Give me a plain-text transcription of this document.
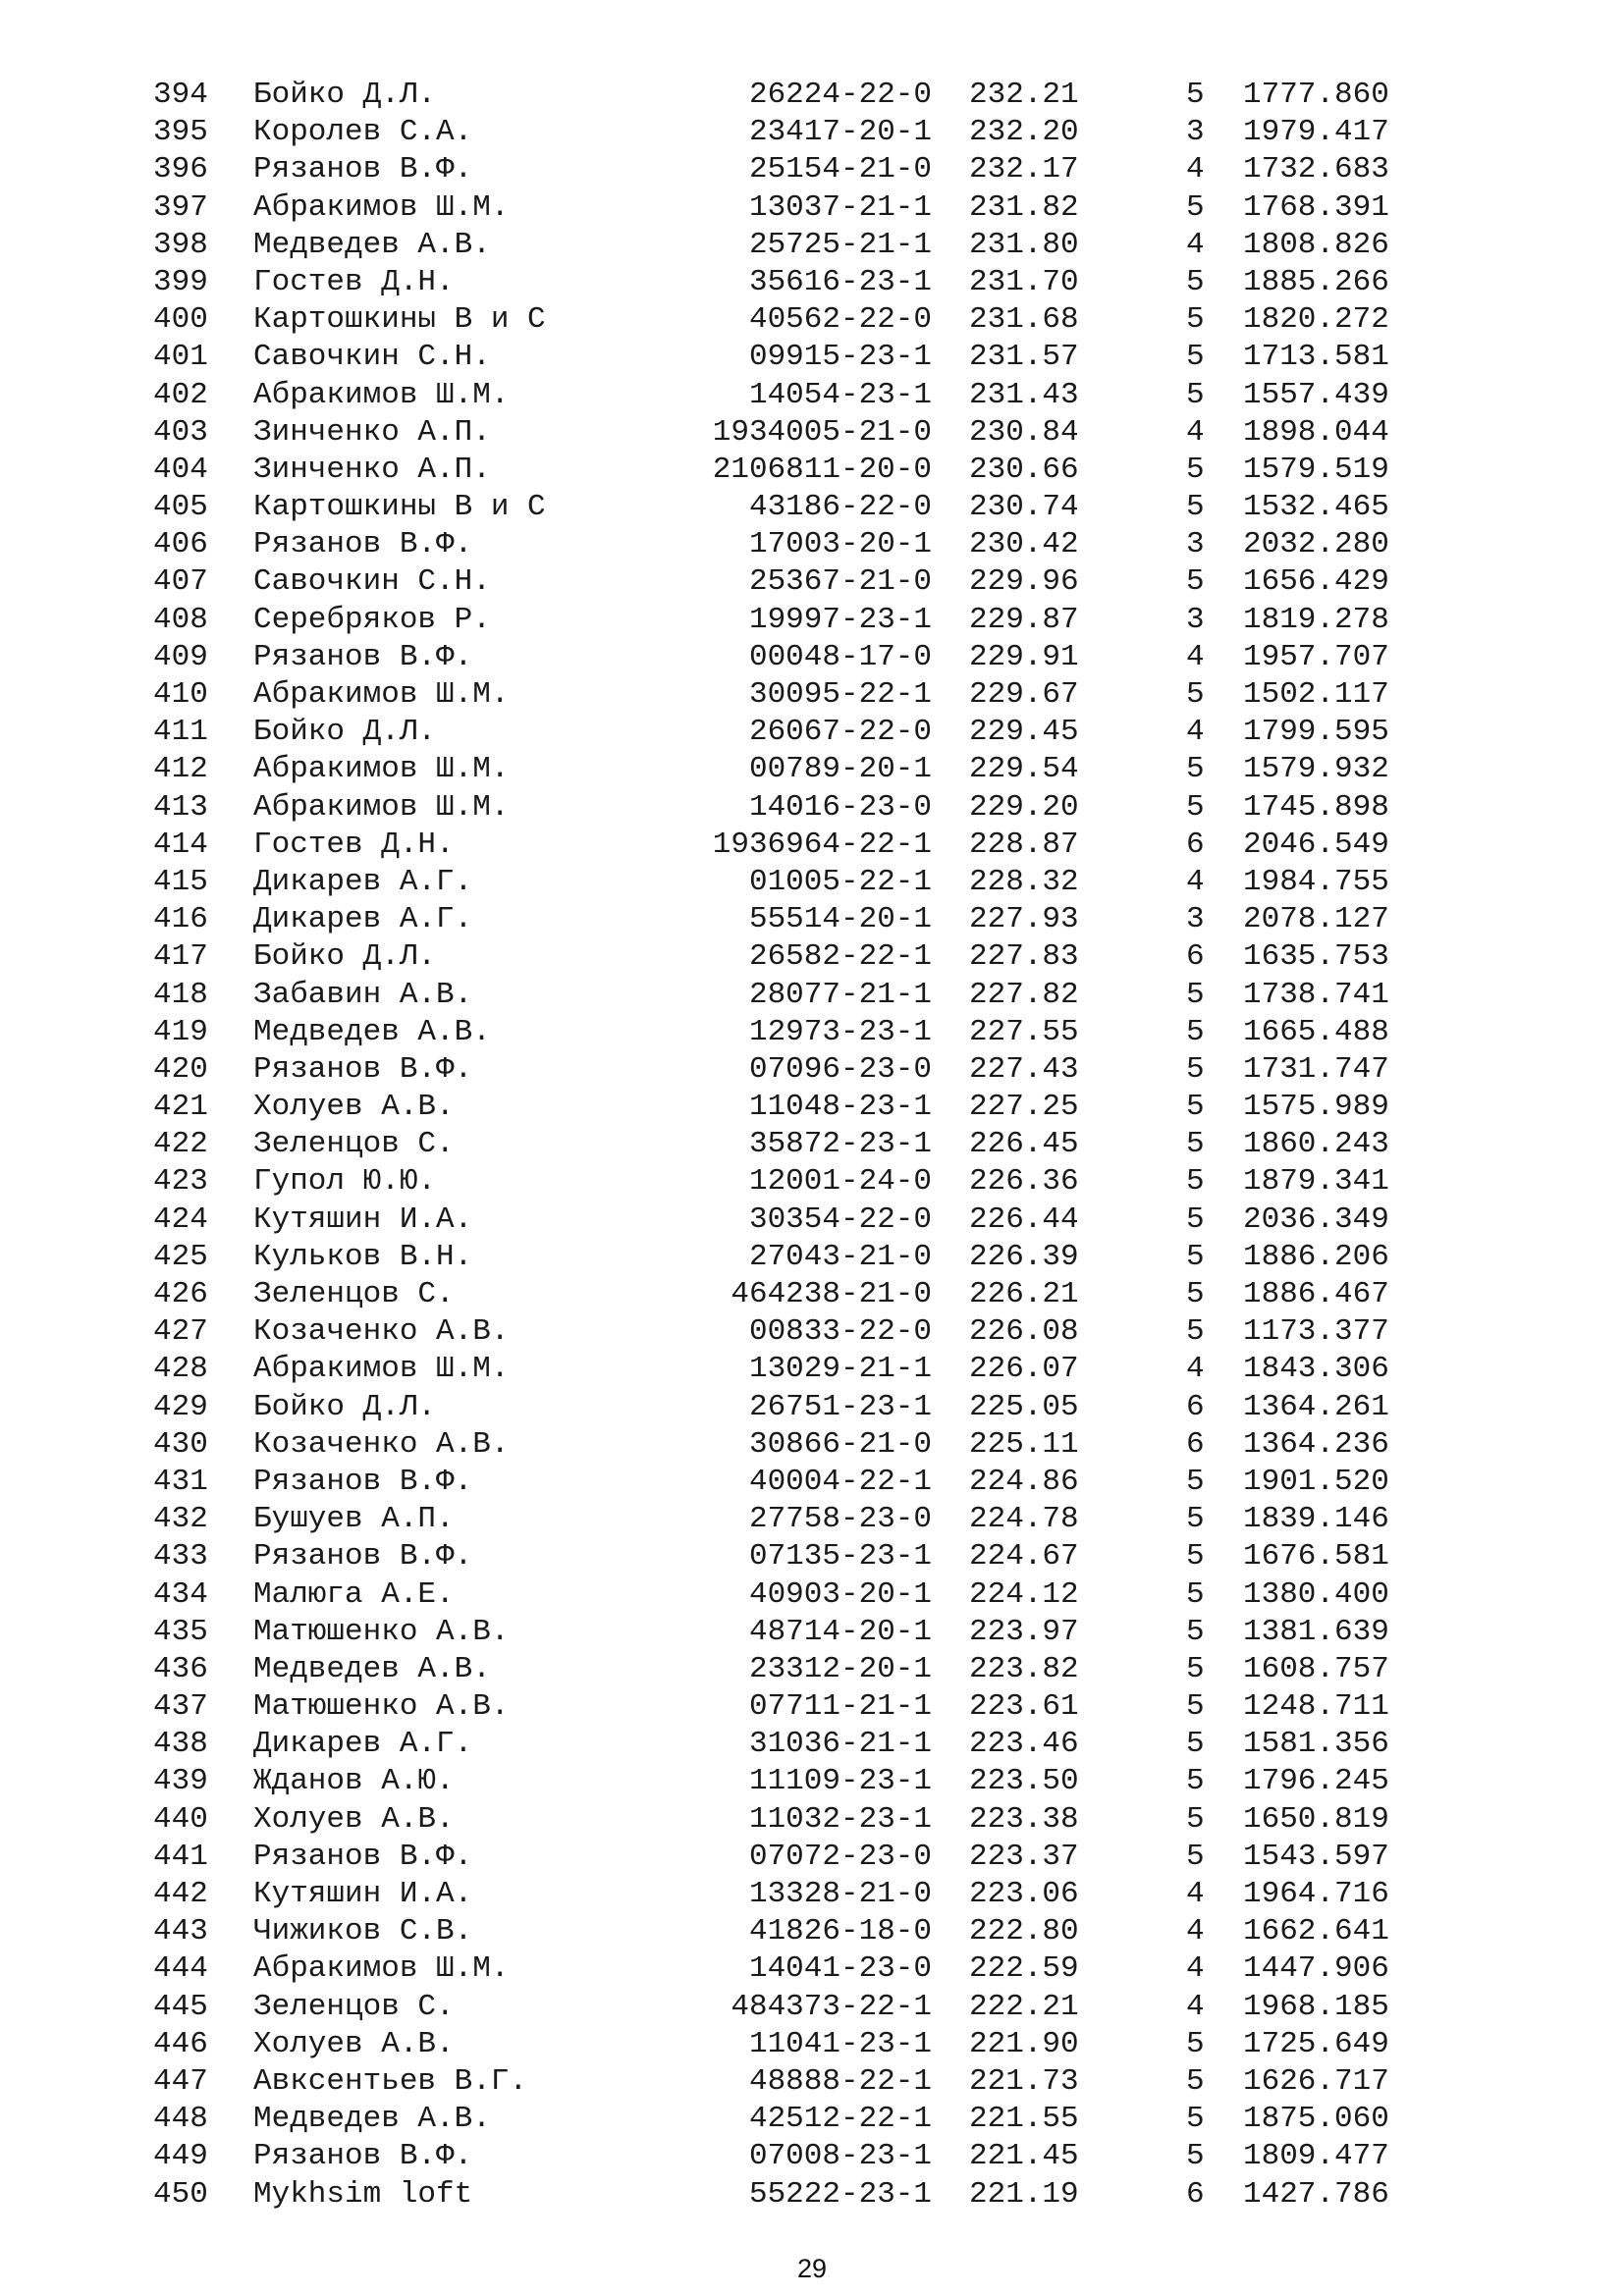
394 Бойко Д.Л.	26224-22-0 232.21	5 1777.860
395 Королев С.А.	23417-20-1 232.20	3 1979.417
396 Рязанов В.Ф.	25154-21-0 232.17	4 1732.683
397 Абракимов Ш.М.	13037-21-1 231.82	5 1768.391
398 Медведев А.В.	25725-21-1 231.80	4 1808.826
399 Гостев Д.Н.	35616-23-1 231.70	5 1885.266
400 Картошкины В и С	40562-22-0 231.68	5 1820.272
401 Савочкин С.Н.	09915-23-1 231.57	5 1713.581
402 Абракимов Ш.М.	14054-23-1 231.43	5 1557.439
403 Зинченко А.П.	1934005-21-0 230.84	4 1898.044
404 Зинченко А.П.	2106811-20-0 230.66	5 1579.519
405 Картошкины В и С	43186-22-0 230.74	5 1532.465
406 Рязанов В.Ф.	17003-20-1 230.42	3 2032.280
407 Савочкин С.Н.	25367-21-0 229.96	5 1656.429
408 Серебряков Р.	19997-23-1 229.87	3 1819.278
409 Рязанов В.Ф.	00048-17-0 229.91	4 1957.707
410 Абракимов Ш.М.	30095-22-1 229.67	5 1502.117
411 Бойко Д.Л.	26067-22-0 229.45	4 1799.595
412 Абракимов Ш.М.	00789-20-1 229.54	5 1579.932
413 Абракимов Ш.М.	14016-23-0 229.20	5 1745.898
414 Гостев Д.Н.	1936964-22-1 228.87	6 2046.549
415 Дикарев А.Г.	01005-22-1 228.32	4 1984.755
416 Дикарев А.Г.	55514-20-1 227.93	3 2078.127
417 Бойко Д.Л.	26582-22-1 227.83	6 1635.753
418 Забавин А.В.	28077-21-1 227.82	5 1738.741
419 Медведев А.В.	12973-23-1 227.55	5 1665.488
420 Рязанов В.Ф.	07096-23-0 227.43	5 1731.747
421 Холуев А.В.	11048-23-1 227.25	5 1575.989
422 Зеленцов С.	35872-23-1 226.45	5 1860.243
423 Гупол Ю.Ю.	12001-24-0 226.36	5 1879.341
424 Кутяшин И.А.	30354-22-0 226.44	5 2036.349
425 Кульков В.Н.	27043-21-0 226.39	5 1886.206
426 Зеленцов С.	464238-21-0 226.21	5 1886.467
427 Козаченко А.В.	00833-22-0 226.08	5 1173.377
428 Абракимов Ш.М.	13029-21-1 226.07	4 1843.306
429 Бойко Д.Л.	26751-23-1 225.05	6 1364.261
430 Козаченко А.В.	30866-21-0 225.11	6 1364.236
431 Рязанов В.Ф.	40004-22-1 224.86	5 1901.520
432 Бушуев А.П.	27758-23-0 224.78	5 1839.146
433 Рязанов В.Ф.	07135-23-1 224.67	5 1676.581
434 Малюга А.Е.	40903-20-1 224.12	5 1380.400
435 Матюшенко А.В.	48714-20-1 223.97	5 1381.639
436 Медведев А.В.	23312-20-1 223.82	5 1608.757
437 Матюшенко А.В.	07711-21-1 223.61	5 1248.711
438 Дикарев А.Г.	31036-21-1 223.46	5 1581.356
439 Жданов А.Ю.	11109-23-1 223.50	5 1796.245
440 Холуев А.В.	11032-23-1 223.38	5 1650.819
441 Рязанов В.Ф.	07072-23-0 223.37	5 1543.597
442 Кутяшин И.А.	13328-21-0 223.06	4 1964.716
443 Чижиков С.В.	41826-18-0 222.80	4 1662.641
444 Абракимов Ш.М.	14041-23-0 222.59	4 1447.906
445 Зеленцов С.	484373-22-1 222.21	4 1968.185
446 Холуев А.В.	11041-23-1 221.90	5 1725.649
447 Авксентьев В.Г.	48888-22-1 221.73	5 1626.717
448 Медведев А.В.	42512-22-1 221.55	5 1875.060
449 Рязанов В.Ф.	07008-23-1 221.45	5 1809.477
450 Mykhsim loft	55222-23-1 221.19	6 1427.786
29
